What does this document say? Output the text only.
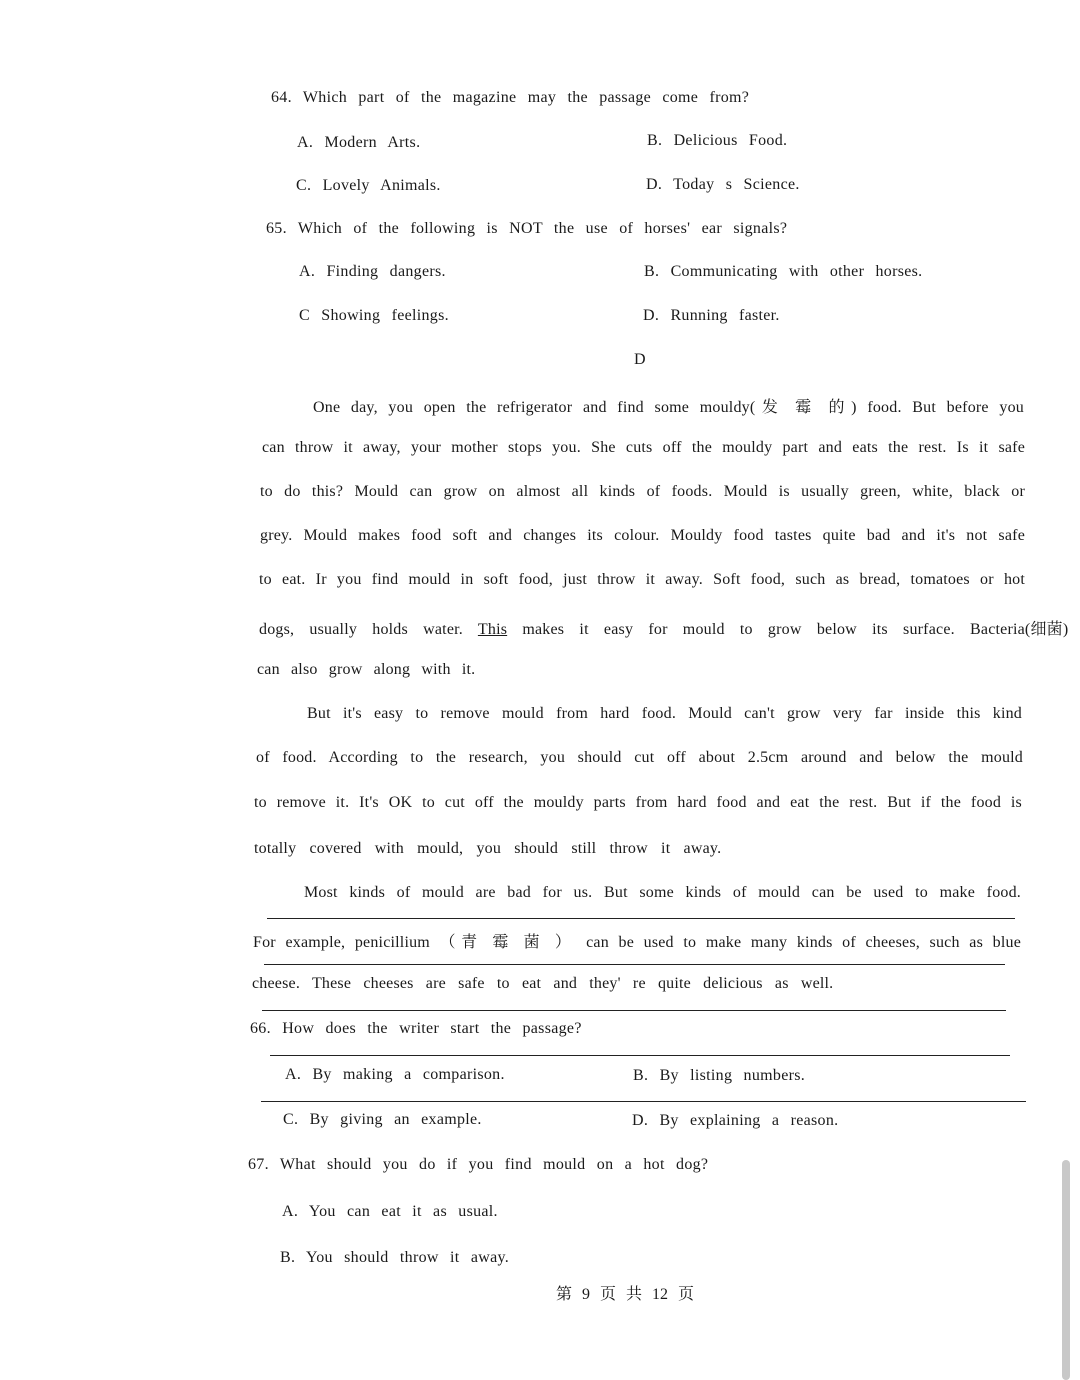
64. Which part of the magazine may the passage come from?
A. Modern Arts.	B. Delicious Food.
C. Lovely Animals.	D. Today s Science.
65. Which of the following is NOT the use of horses' ear signals?
A. Finding dangers.	B. Communicating with other horses.
C Showing feelings.	D. Running faster.
D
One day, you open the refrigerator and find some mouldy(发 霉 的) food. But before you
can throw it away, your mother stops you. She cuts off the mouldy part and eats the rest. Is it safe
to do this? Mould can grow on almost all kinds of foods. Mould is usually green, white, black or
grey. Mould makes food soft and changes its colour. Mouldy food tastes quite bad and it's not safe
to eat. Ir you find mould in soft food, just throw it away. Soft food, such as bread, tomatoes or hot
dogs, usually holds water. This makes it easy for mould to grow below its surface. Bacteria(细菌)
can also grow along with it.
But it's easy to remove mould from hard food. Mould can't grow very far inside this kind
of food. According to the research, you should cut off about 2.5cm around and below the mould
to remove it. It's OK to cut off the mouldy parts from hard food and eat the rest. But if the food is
totally covered with mould, you should still throw it away.
Most kinds of mould are bad for us. But some kinds of mould can be used to make food.
For example, penicillium （青 霉 菌 ） can be used to make many kinds of cheeses, such as blue
cheese. These cheeses are safe to eat and they' re quite delicious as well.
66. How does the writer start the passage?
A. By making a comparison.	B. By listing numbers.
C. By giving an example.	D. By explaining a reason.
67. What should you do if you find mould on a hot dog?
A. You can eat it as usual.
B. You should throw it away.
第 9 页 共 12 页
